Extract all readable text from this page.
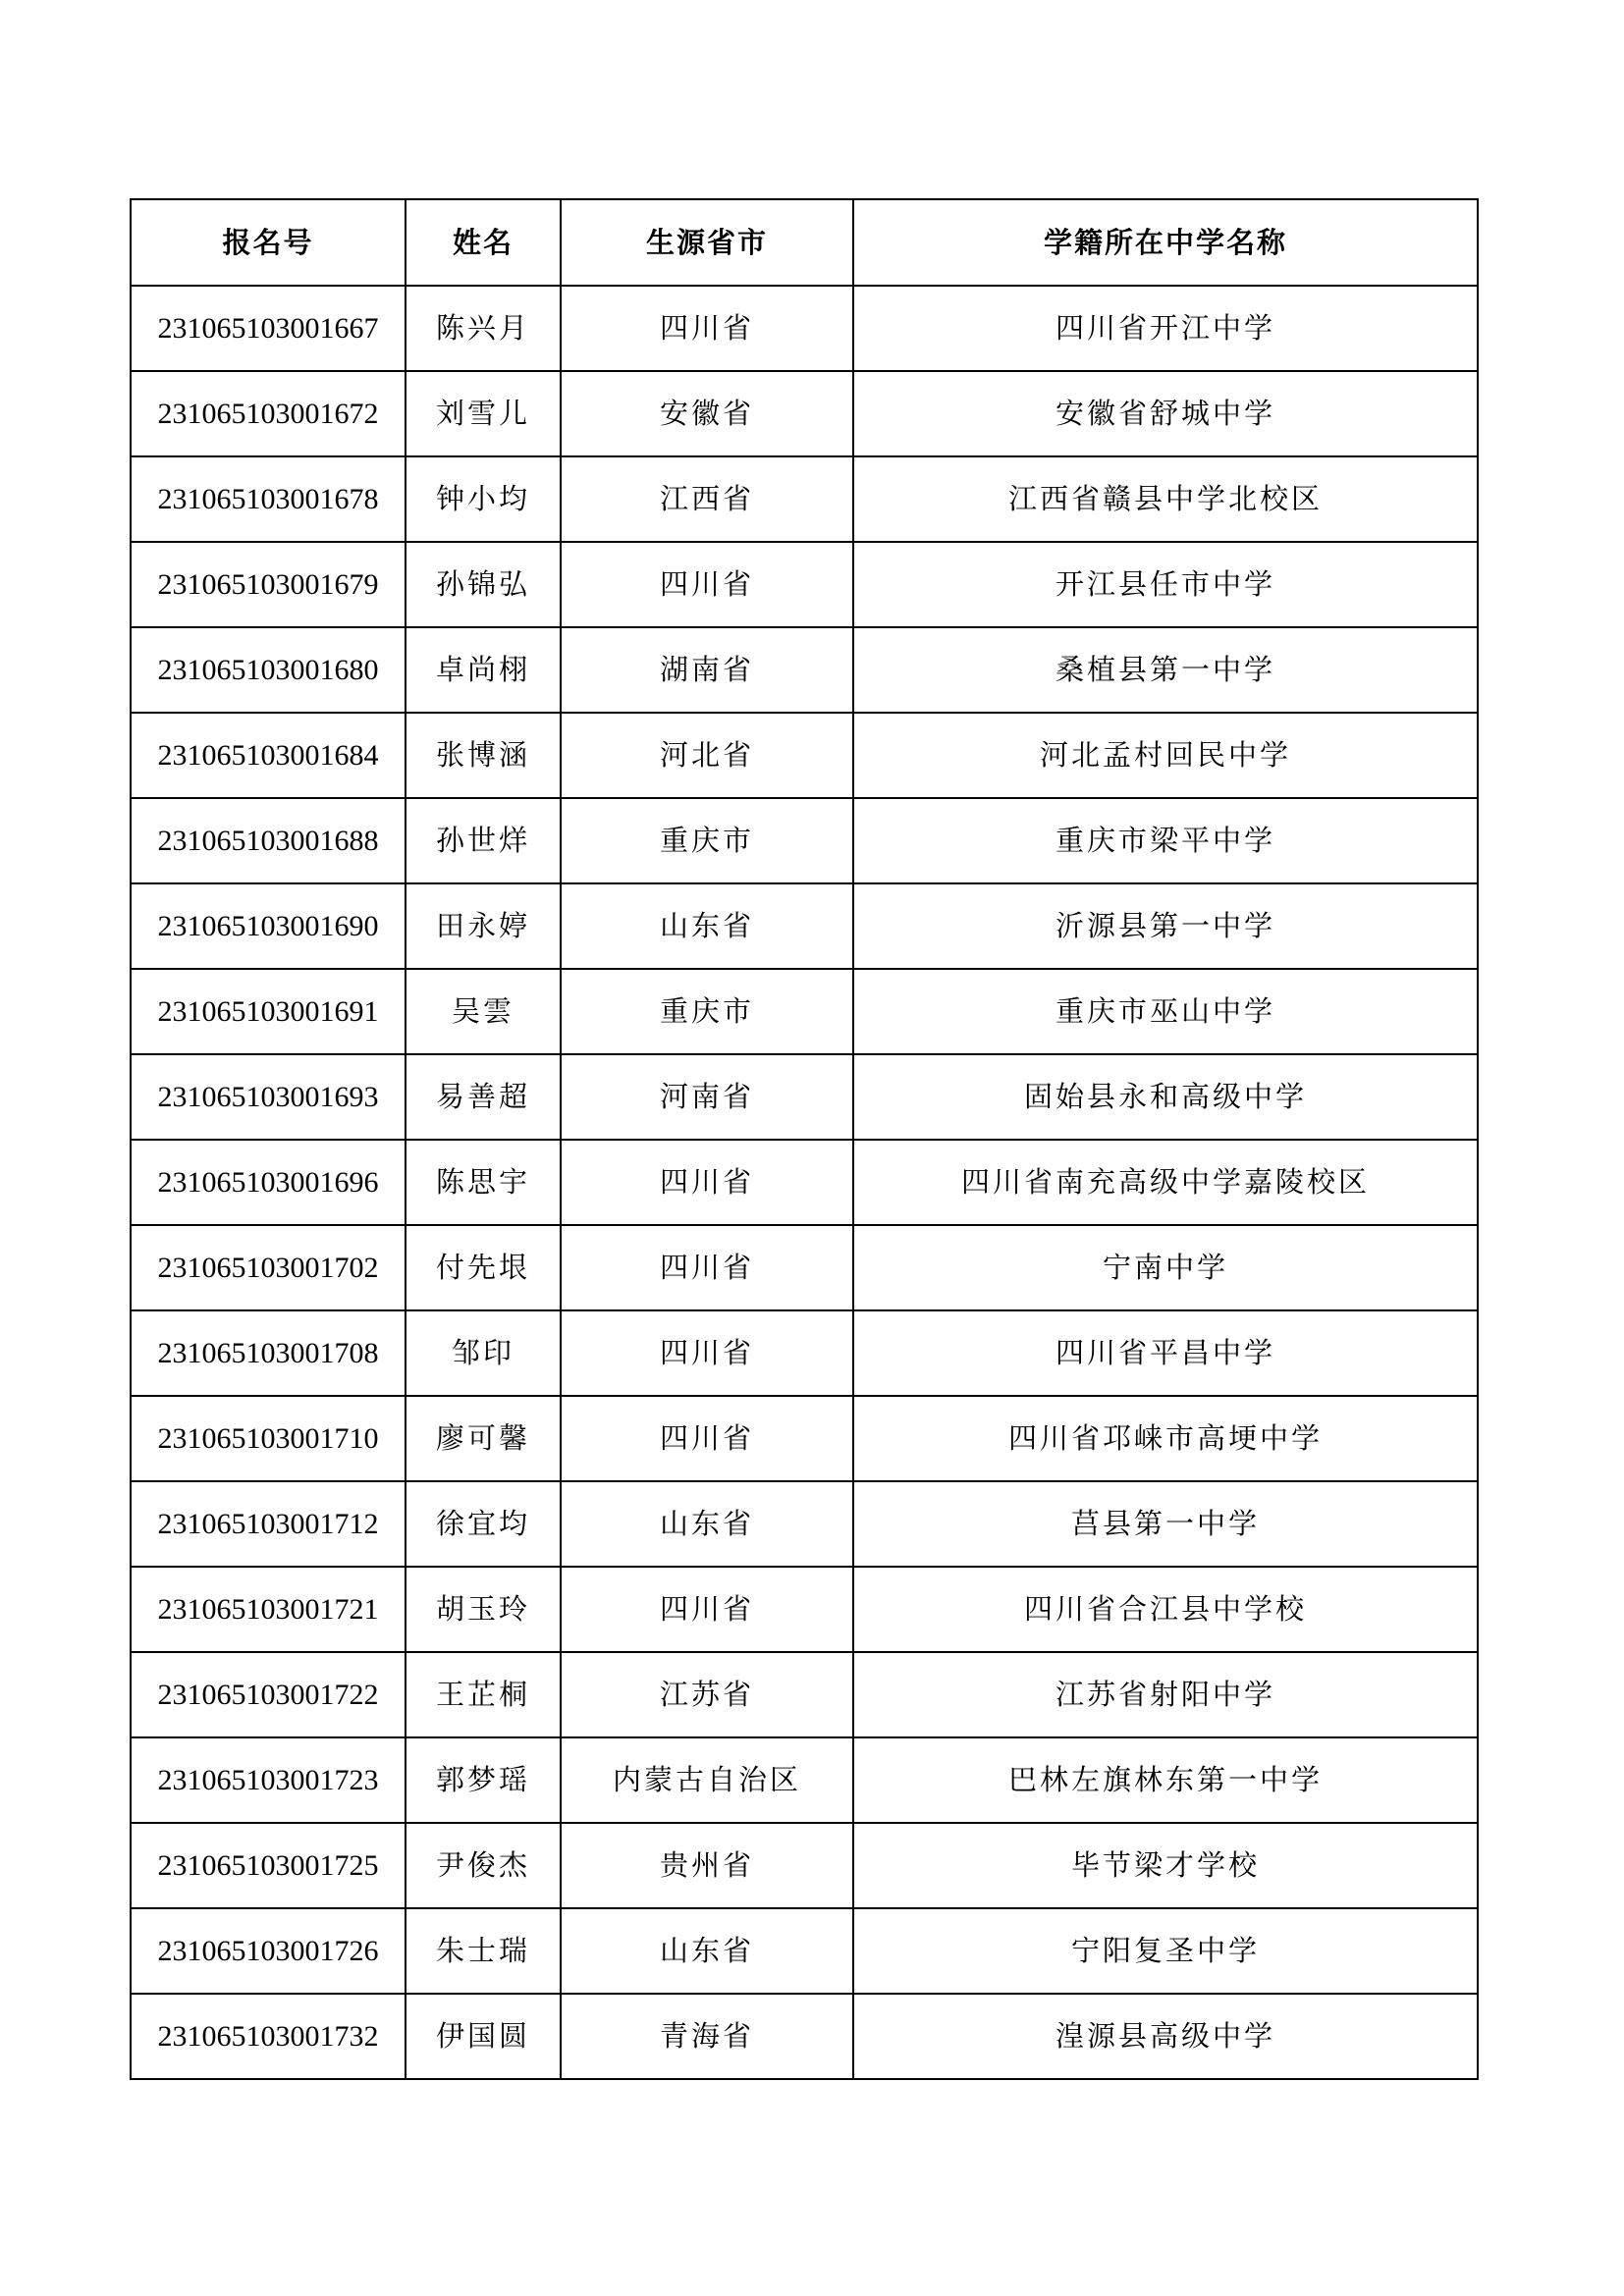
报名号	姓名	生源省市	学籍所在中学名称
231065103001667	陈兴月	四川省	四川省开江中学
231065103001672	刘雪儿	安徽省	安徽省舒城中学
231065103001678	钟小均	江西省	江西省赣县中学北校区
231065103001679	孙锦弘	四川省	开江县任市中学
231065103001680	卓尚栩	湖南省	桑植县第一中学
231065103001684	张博涵	河北省	河北孟村回民中学
231065103001688	孙世烊	重庆市	重庆市梁平中学
231065103001690	田永婷	山东省	沂源县第一中学
231065103001691	吴雲	重庆市	重庆市巫山中学
231065103001693	易善超	河南省	固始县永和高级中学
231065103001696	陈思宇	四川省	四川省南充高级中学嘉陵校区
231065103001702	付先垠	四川省	宁南中学
231065103001708	邹印	四川省	四川省平昌中学
231065103001710	廖可馨	四川省	四川省邛崃市高埂中学
231065103001712	徐宜均	山东省	莒县第一中学
231065103001721	胡玉玲	四川省	四川省合江县中学校
231065103001722	王芷桐	江苏省	江苏省射阳中学
231065103001723	郭梦瑶	内蒙古自治区	巴林左旗林东第一中学
231065103001725	尹俊杰	贵州省	毕节梁才学校
231065103001726	朱士瑞	山东省	宁阳复圣中学
231065103001732	伊国圆	青海省	湟源县高级中学
